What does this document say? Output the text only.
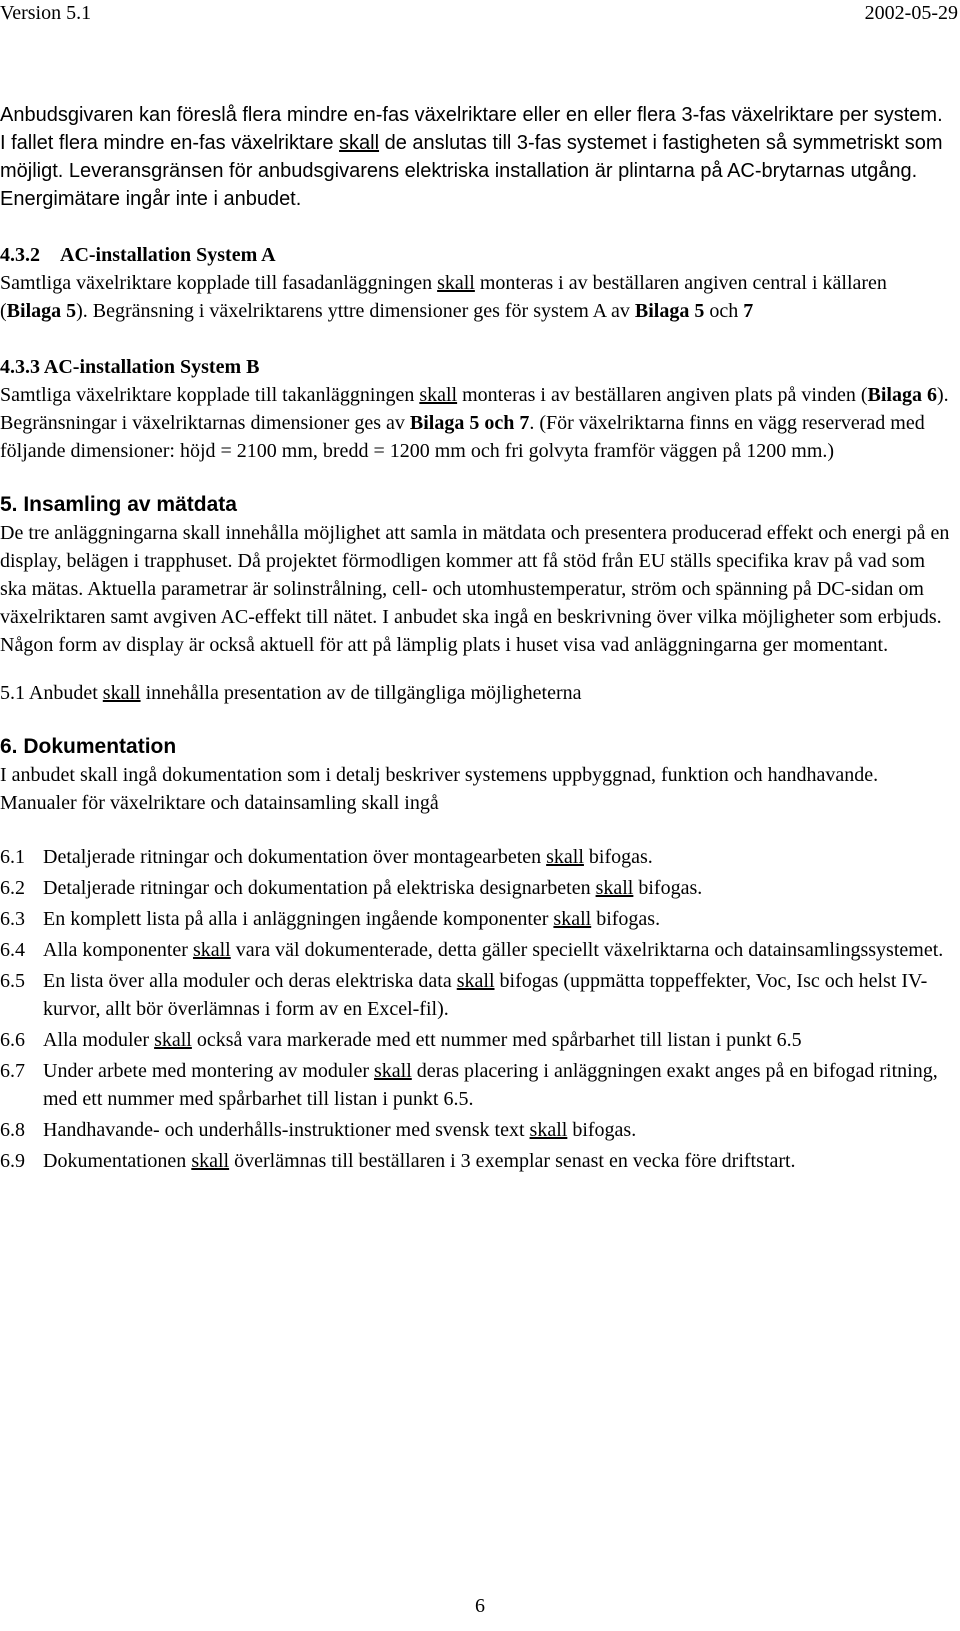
Version 5.1	2002-05-29

Anbudsgivaren kan föreslå flera mindre en-fas växelriktare eller en eller flera 3-fas växelriktare per system. I fallet flera mindre en-fas växelriktare skall de anslutas till 3-fas systemet i fastigheten så symmetriskt som möjligt. Leveransgränsen för anbudsgivarens elektriska installation är plintarna på AC-brytarnas utgång. Energimätare ingår inte i anbudet.

4.3.2 AC-installation System A

Samtliga växelriktare kopplade till fasadanläggningen skall monteras i av beställaren angiven central i källaren (Bilaga 5). Begränsning i växelriktarens yttre dimensioner ges för system A av Bilaga 5 och 7

4.3.3 AC-installation System B

Samtliga växelriktare kopplade till takanläggningen skall monteras i av beställaren angiven plats på vinden (Bilaga 6). Begränsningar i växelriktarnas dimensioner ges av Bilaga 5 och 7. (För växelriktarna finns en vägg reserverad med följande dimensioner: höjd = 2100 mm, bredd = 1200 mm och fri golvyta framför väggen på 1200 mm.)

5. Insamling av mätdata

De tre anläggningarna skall innehålla möjlighet att samla in mätdata och presentera producerad effekt och energi på en display, belägen i trapphuset. Då projektet förmodligen kommer att få stöd från EU ställs specifika krav på vad som ska mätas. Aktuella parametrar är solinstrålning, cell- och utomhustemperatur, ström och spänning på DC-sidan om växelriktaren samt avgiven AC-effekt till nätet. I anbudet ska ingå en beskrivning över vilka möjligheter som erbjuds. Någon form av display är också aktuell för att på lämplig plats i huset visa vad anläggningarna ger momentant.

5.1 Anbudet skall innehålla presentation av de tillgängliga möjligheterna

6. Dokumentation

I anbudet skall ingå dokumentation som i detalj beskriver systemens uppbyggnad, funktion och handhavande. Manualer för växelriktare och datainsamling skall ingå

6.1 Detaljerade ritningar och dokumentation över montagearbeten skall bifogas.
6.2 Detaljerade ritningar och dokumentation på elektriska designarbeten skall bifogas.
6.3 En komplett lista på alla i anläggningen ingående komponenter skall bifogas.
6.4 Alla komponenter skall vara väl dokumenterade, detta gäller speciellt växelriktarna och datainsamlingssystemet.
6.5 En lista över alla moduler och deras elektriska data skall bifogas (uppmätta toppeffekter, Voc, Isc och helst IV-kurvor, allt bör överlämnas i form av en Excel-fil).
6.6 Alla moduler skall också vara markerade med ett nummer med spårbarhet till listan i punkt 6.5
6.7 Under arbete med montering av moduler skall deras placering i anläggningen exakt anges på en bifogad ritning, med ett nummer med spårbarhet till listan i punkt 6.5.
6.8 Handhavande- och underhålls-instruktioner med svensk text skall bifogas.
6.9 Dokumentationen skall överlämnas till beställaren i 3 exemplar senast en vecka före driftstart.
6
